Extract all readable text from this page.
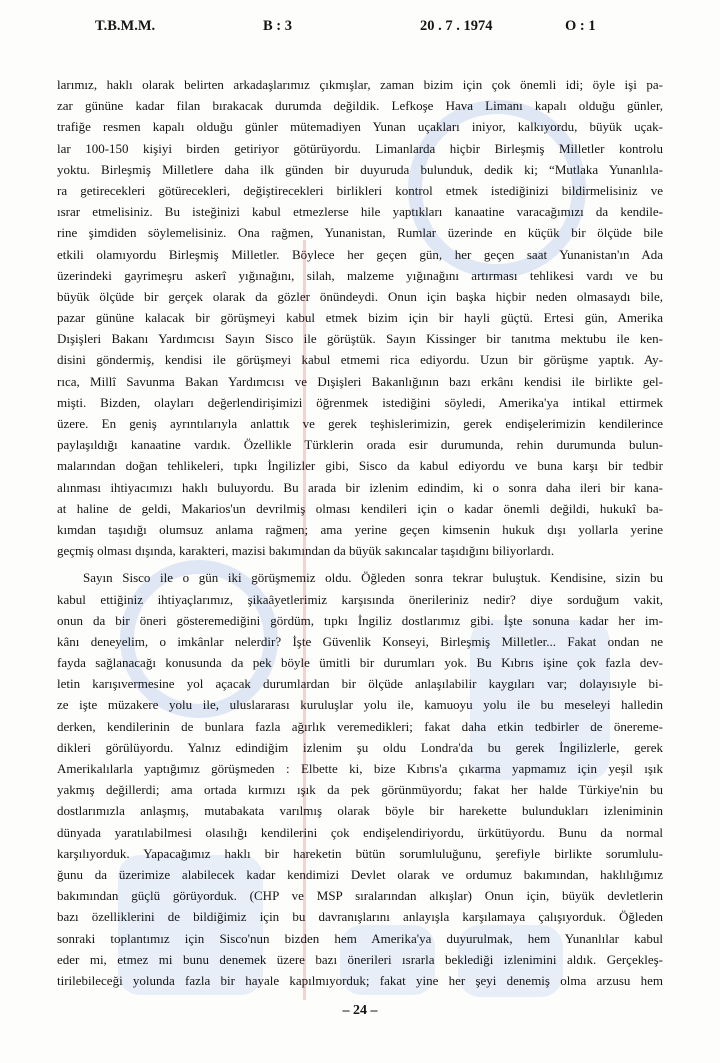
T.B.M.M.	B : 3	20 . 7 . 1974	O : 1
larımız, haklı olarak belirten arkadaşlarımız çıkmışlar, zaman bizim için çok önemli idi; öyle işi pa-
zar gününe kadar filan bırakacak durumda değildik. Lefkoşe Hava Limanı kapalı olduğu günler,
trafiğe resmen kapalı olduğu günler mütemadiyen Yunan uçakları iniyor, kalkıyordu, büyük uçak-
lar 100-150 kişiyi birden getiriyor götürüyordu. Limanlarda hiçbir Birleşmiş Milletler kontrolu
yoktu. Birleşmiş Milletlere daha ilk günden bir duyuruda bulunduk, dedik ki; “Mutlaka Yunanlıla-
ra getirecekleri götürecekleri, değiştirecekleri birlikleri kontrol etmek istediğinizi bildirmelisiniz ve
ısrar etmelisiniz. Bu isteğinizi kabul etmezlerse hile yaptıkları kanaatine varacağımızı da kendile-
rine şimdiden söylemelisiniz. Ona rağmen, Yunanistan, Rumlar üzerinde en küçük bir ölçüde bile
etkili olamıyordu Birleşmiş Milletler. Böylece her geçen gün, her geçen saat Yunanistan'ın Ada
üzerindeki gayrimeşru askerî yığınağını, silah, malzeme yığınağını artırması tehlikesi vardı ve bu
büyük ölçüde bir gerçek olarak da gözler önündeydi. Onun için başka hiçbir neden olmasaydı bile,
pazar gününe kalacak bir görüşmeyi kabul etmek bizim için bir hayli güçtü. Ertesi gün, Amerika
Dışişleri Bakanı Yardımcısı Sayın Sisco ile görüştük. Sayın Kissinger bir tanıtma mektubu ile ken-
disini göndermiş, kendisi ile görüşmeyi kabul etmemi rica ediyordu. Uzun bir görüşme yaptık. Ay-
rıca, Millî Savunma Bakan Yardımcısı ve Dışişleri Bakanlığının bazı erkânı kendisi ile birlikte gel-
mişti. Bizden, olayları değerlendirişimizi öğrenmek istediğini söyledi, Amerika'ya intikal ettirmek
üzere. En geniş ayrıntılarıyla anlattık ve gerek teşhislerimizin, gerek endişelerimizin kendilerince
paylaşıldığı kanaatine vardık. Özellikle Türklerin orada esir durumunda, rehin durumunda bulun-
malarından doğan tehlikeleri, tıpkı İngilizler gibi, Sisco da kabul ediyordu ve buna karşı bir tedbir
alınması ihtiyacımızı haklı buluyordu. Bu arada bir izlenim edindim, ki o sonra daha ileri bir kana-
at haline de geldi, Makarios'un devrilmiş olması kendileri için o kadar önemli değildi, hukukî ba-
kımdan taşıdığı olumsuz anlama rağmen; ama yerine geçen kimsenin hukuk dışı yollarla yerine
geçmiş olması dışında, karakteri, mazisi bakımından da büyük sakıncalar taşıdığını biliyorlardı.
Sayın Sisco ile o gün iki görüşmemiz oldu. Öğleden sonra tekrar buluştuk. Kendisine, sizin bu
kabul ettiğiniz ihtiyaçlarımız, şikaâyetlerimiz karşısında önerileriniz nedir? diye sorduğum vakit,
onun da bir öneri gösteremediğini gördüm, tıpkı İngiliz dostlarımız gibi. İşte sonuna kadar her im-
kânı deneyelim, o imkânlar nelerdir? İşte Güvenlik Konseyi, Birleşmiş Milletler... Fakat ondan ne
fayda sağlanacağı konusunda da pek böyle ümitli bir durumları yok. Bu Kıbrıs işine çok fazla dev-
letin karışıvermesine yol açacak durumlardan bir ölçüde anlaşılabilir kaygıları var; dolayısıyle bi-
ze işte müzakere yolu ile, uluslararası kuruluşlar yolu ile, kamuoyu yolu ile bu meseleyi halledin
derken, kendilerinin de bunlara fazla ağırlık veremedikleri; fakat daha etkin tedbirler de önereme-
dikleri görülüyordu. Yalnız edindiğim izlenim şu oldu Londra'da bu gerek İngilizlerle, gerek
Amerikalılarla yaptığımız görüşmeden : Elbette ki, bize Kıbrıs'a çıkarma yapmamız için yeşil ışık
yakmış değillerdi; ama ortada kırmızı ışık da pek görünmüyordu; fakat her halde Türkiye'nin bu
dostlarımızla anlaşmış, mutabakata varılmış olarak böyle bir harekette bulundukları izleniminin
dünyada yaratılabilmesi olasılığı kendilerini çok endişelendiriyordu, ürkütüyordu. Bunu da normal
karşılıyorduk. Yapacağımız haklı bir hareketin bütün sorumluluğunu, şerefiyle birlikte sorumlulu-
ğunu da üzerimize alabilecek kadar kendimizi Devlet olarak ve ordumuz bakımından, haklılığımız
bakımından güçlü görüyorduk. (CHP ve MSP sıralarından alkışlar) Onun için, büyük devletlerin
bazı özelliklerini de bildiğimiz için bu davranışlarını anlayışla karşılamaya çalışıyorduk. Öğleden
sonraki toplantımız için Sisco'nun bizden hem Amerika'ya duyurulmak, hem Yunanlılar kabul
eder mi, etmez mi bunu denemek üzere bazı önerileri ısrarla beklediği izlenimini aldık. Gerçekleş-
tirilebileceği yolunda fazla bir hayale kapılmıyorduk; fakat yine her şeyi denemiş olma arzusu hem
– 24 –
